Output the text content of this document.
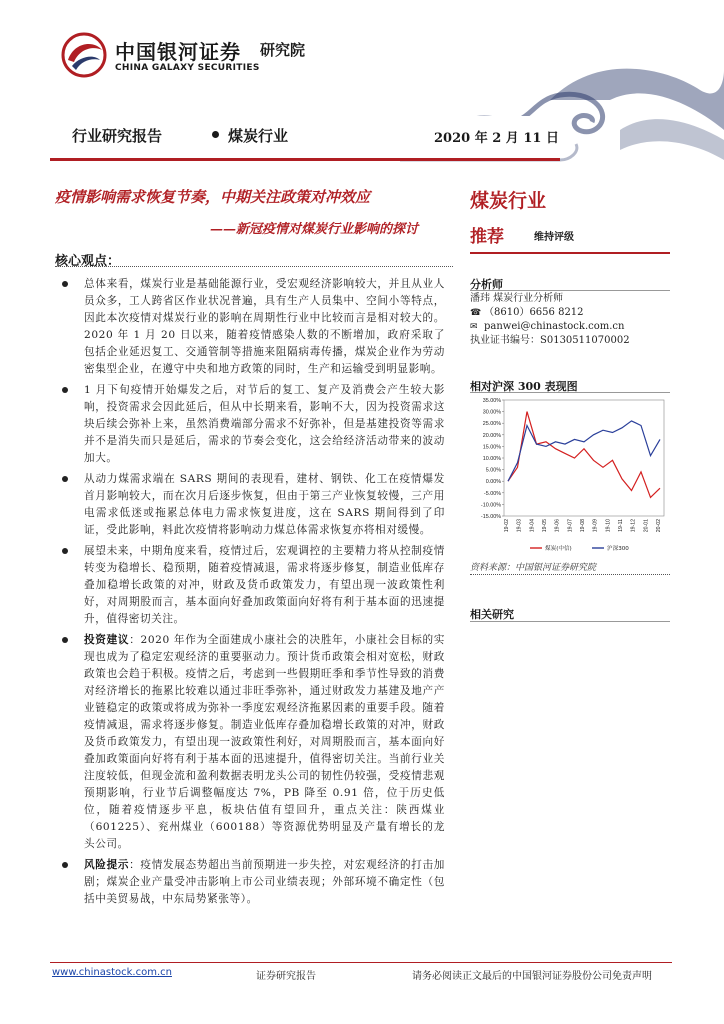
中国银河证券 研究院
CHINA GALAXY SECURITIES
行业研究报告	煤炭行业	2020 年 2 月 11 日
疫情影响需求恢复节奏，中期关注政策对冲效应
——新冠疫情对煤炭行业影响的探讨
煤炭行业
推荐	维持评级
核心观点：
总体来看，煤炭行业是基础能源行业，受宏观经济影响较大，并且从业人员众多，工人跨省区作业状况普遍，具有生产人员集中、空间小等特点，因此本次疫情对煤炭行业的影响在周期性行业中比较而言是相对较大的。2020 年 1 月 20 日以来，随着疫情感染人数的不断增加，政府采取了包括企业延迟复工、交通管制等措施来阻隔病毒传播，煤炭企业作为劳动密集型企业，在遵守中央和地方政策的同时，生产和运输受到明显影响。
1 月下旬疫情开始爆发之后，对节后的复工、复产及消费会产生较大影响，投资需求会因此延后，但从中长期来看，影响不大，因为投资需求这块后续会弥补上来，虽然消费端部分需求不好弥补，但是基建投资等需求并不是消失而只是延后，需求的节奏会变化，这会给经济活动带来的波动加大。
从动力煤需求端在 SARS 期间的表现看，建材、钢铁、化工在疫情爆发首月影响较大，而在次月后逐步恢复，但由于第三产业恢复较慢，三产用电需求低迷或拖累总体电力需求恢复进度，这在 SARS 期间得到了印证，受此影响，料此次疫情将影响动力煤总体需求恢复亦将相对缓慢。
展望未来，中期角度来看，疫情过后，宏观调控的主要精力将从控制疫情转变为稳增长、稳预期，随着疫情减退，需求将逐步修复，制造业低库存叠加稳增长政策的对冲，财政及货币政策发力，有望出现一波政策性利好，对周期股而言，基本面向好叠加政策面向好将有利于基本面的迅速提升，值得密切关注。
投资建议：2020 年作为全面建成小康社会的决胜年，小康社会目标的实现也成为了稳定宏观经济的重要驱动力。预计货币政策会相对宽松，财政政策也会趋于积极。疫情之后，考虑到一些假期旺季和季节性导致的消费对经济增长的拖累比较难以通过非旺季弥补，通过财政发力基建及地产产业链稳定的政策或将成为弥补一季度宏观经济拖累因素的重要手段。随着疫情减退，需求将逐步修复。制造业低库存叠加稳增长政策的对冲，财政及货币政策发力，有望出现一波政策性利好，对周期股而言，基本面向好叠加政策面向好将有利于基本面的迅速提升，值得密切关注。当前行业关注度较低，但现金流和盈利数据表明龙头公司的韧性仍较强，受疫情悲观预期影响，行业节后调整幅度达 7%，PB 降至 0.91 倍，位于历史低位，随着疫情逐步平息，板块估值有望回升，重点关注：陕西煤业（601225）、兖州煤业（600188）等资源优势明显及产量有增长的龙头公司。
风险提示：疫情发展态势超出当前预期进一步失控，对宏观经济的打击加剧；煤炭企业产量受冲击影响上市公司业绩表现；外部环境不确定性（包括中美贸易战，中东局势紧张等）。
分析师
潘玮 煤炭行业分析师
☎ （8610）6656 8212
✉ panwei@chinastock.com.cn
执业证书编号：S0130511070002
相对沪深 300 表现图
35.00%
30.00%
25.00%
20.00%
15.00%
10.00%
5.00%
0.00%
-5.00%
-10.00%
-15.00%
19-02 19-03 19-04 19-05 19-06 19-07 19-08 19-09 19-10 19-11 19-12 20-01 20-02
煤炭(中信)	沪深300
资料来源：中国银河证券研究院
相关研究
www.chinastock.com.cn	证券研究报告	请务必阅读正文最后的中国银河证券股份公司免责声明
